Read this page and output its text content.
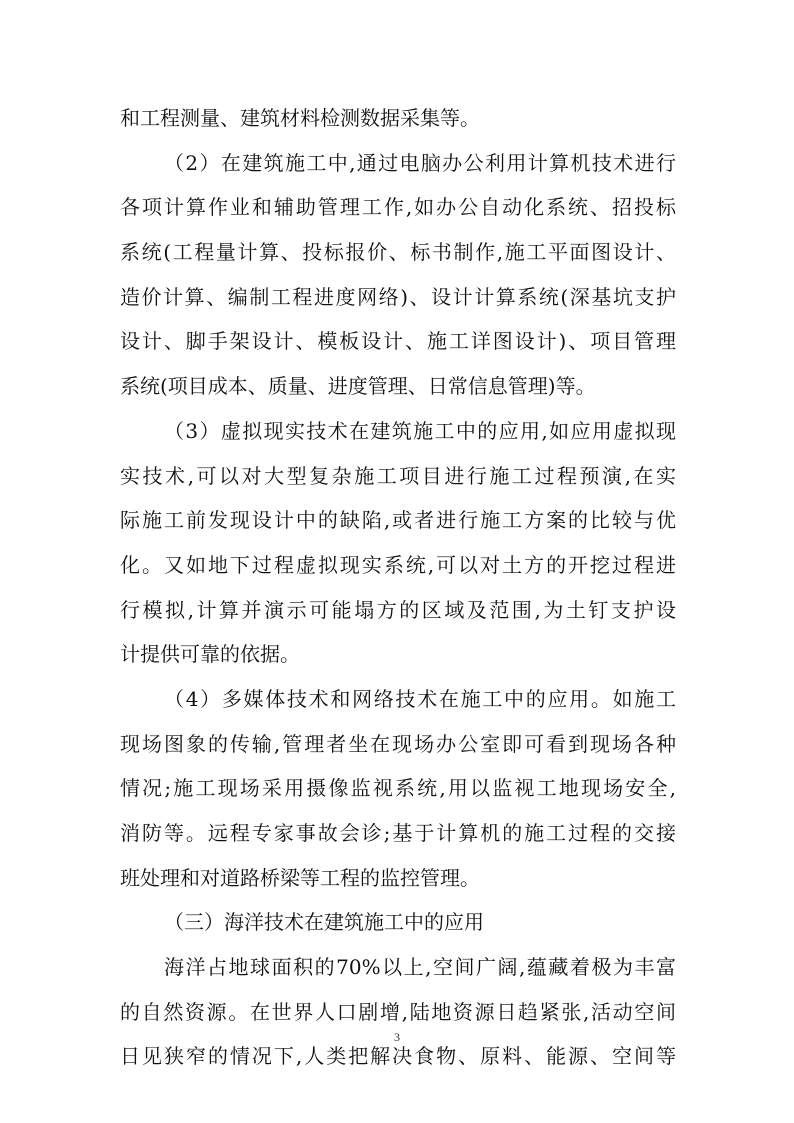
和工程测量、建筑材料检测数据采集等。
（2）在建筑施工中,通过电脑办公利用计算机技术进行
各项计算作业和辅助管理工作,如办公自动化系统、招投标
系统(工程量计算、投标报价、标书制作,施工平面图设计、
造价计算、编制工程进度网络)、设计计算系统(深基坑支护
设计、脚手架设计、模板设计、施工详图设计)、项目管理
系统(项目成本、质量、进度管理、日常信息管理)等。
（3）虚拟现实技术在建筑施工中的应用,如应用虚拟现
实技术,可以对大型复杂施工项目进行施工过程预演,在实
际施工前发现设计中的缺陷,或者进行施工方案的比较与优
化。又如地下过程虚拟现实系统,可以对土方的开挖过程进
行模拟,计算并演示可能塌方的区域及范围,为土钉支护设
计提供可靠的依据。
（4）多媒体技术和网络技术在施工中的应用。如施工
现场图象的传输,管理者坐在现场办公室即可看到现场各种
情况;施工现场采用摄像监视系统,用以监视工地现场安全,
消防等。远程专家事故会诊;基于计算机的施工过程的交接
班处理和对道路桥梁等工程的监控管理。
（三）海洋技术在建筑施工中的应用
海洋占地球面积的70%以上,空间广阔,蕴藏着极为丰富
的自然资源。在世界人口剧增,陆地资源日趋紧张,活动空间
日见狭窄的情况下,人类把解决食物、原料、能源、空间等
3
